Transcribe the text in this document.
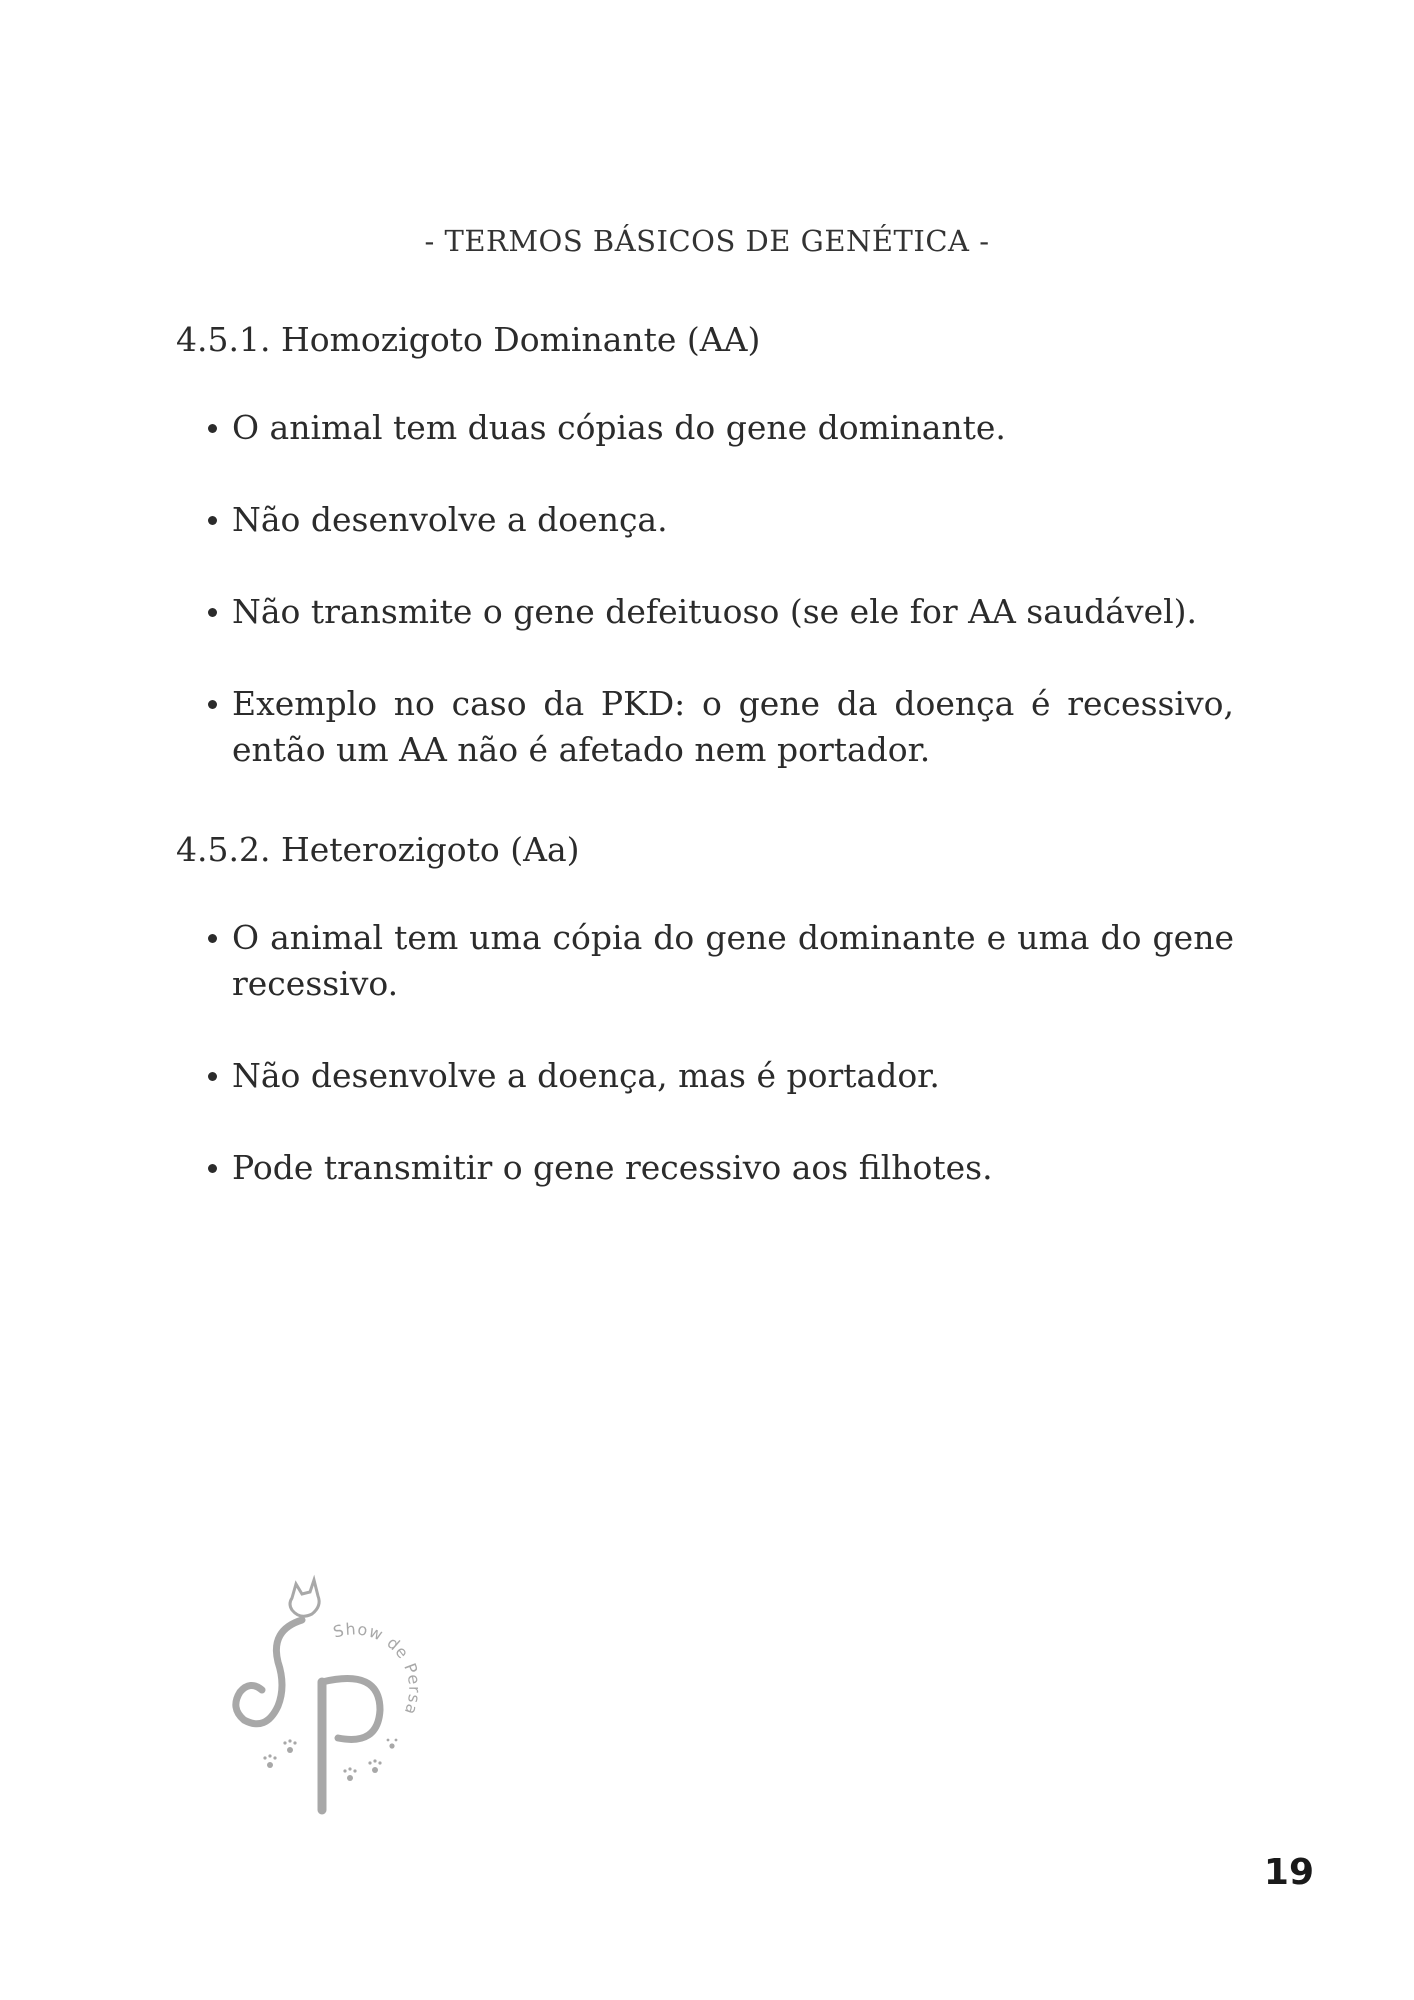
- TERMOS BÁSICOS DE GENÉTICA -
4.5.1. Homozigoto Dominante (AA)
O animal tem duas cópias do gene dominante.
Não desenvolve a doença.
Não transmite o gene defeituoso (se ele for AA saudável).
Exemplo no caso da PKD: o gene da doença é recessivo, então um AA não é afetado nem portador.
4.5.2. Heterozigoto (Aa)
O animal tem uma cópia do gene dominante e uma do gene recessivo.
Não desenvolve a doença, mas é portador.
Pode transmitir o gene recessivo aos filhotes.
Show de Persa
19
